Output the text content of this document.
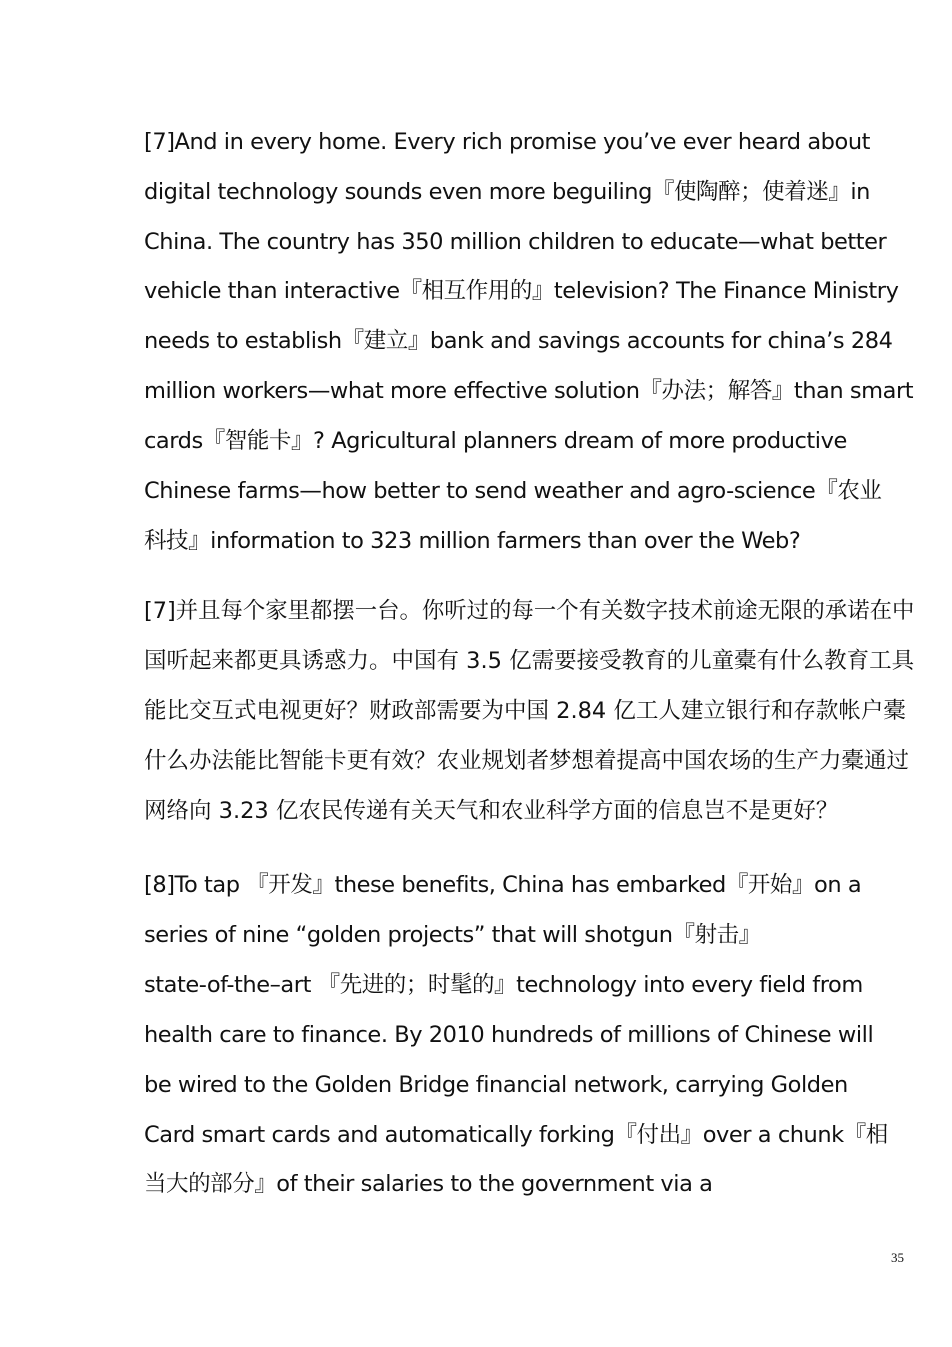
[7]And in every home. Every rich promise you’ve ever heard about
digital technology sounds even more beguiling『使陶醉；使着迷』in
China. The country has 350 million children to educate—what better
vehicle than interactive『相互作用的』television? The Finance Ministry
needs to establish『建立』bank and savings accounts for china’s 284
million workers—what more effective solution『办法；解答』than smart
cards『智能卡』? Agricultural planners dream of more productive
Chinese farms—how better to send weather and agro-science『农业
科技』information to 323 million farmers than over the Web?
[7]并且每个家里都摆一台。你听过的每一个有关数字技术前途无限的承诺在中
国听起来都更具诱惑力。中国有 3.5 亿需要接受教育的儿童橐有什么教育工具
能比交互式电视更好？财政部需要为中国 2.84 亿工人建立银行和存款帐户橐
什么办法能比智能卡更有效？农业规划者梦想着提高中国农场的生产力橐通过
网络向 3.23 亿农民传递有关天气和农业科学方面的信息岂不是更好？
[8]To tap 『开发』these benefits, China has embarked『开始』on a
series of nine “golden projects” that will shotgun『射击』
state-of-the–art 『先进的；时髦的』technology into every field from
health care to finance. By 2010 hundreds of millions of Chinese will
be wired to the Golden Bridge financial network, carrying Golden
Card smart cards and automatically forking『付出』over a chunk『相
当大的部分』of their salaries to the government via a
35
